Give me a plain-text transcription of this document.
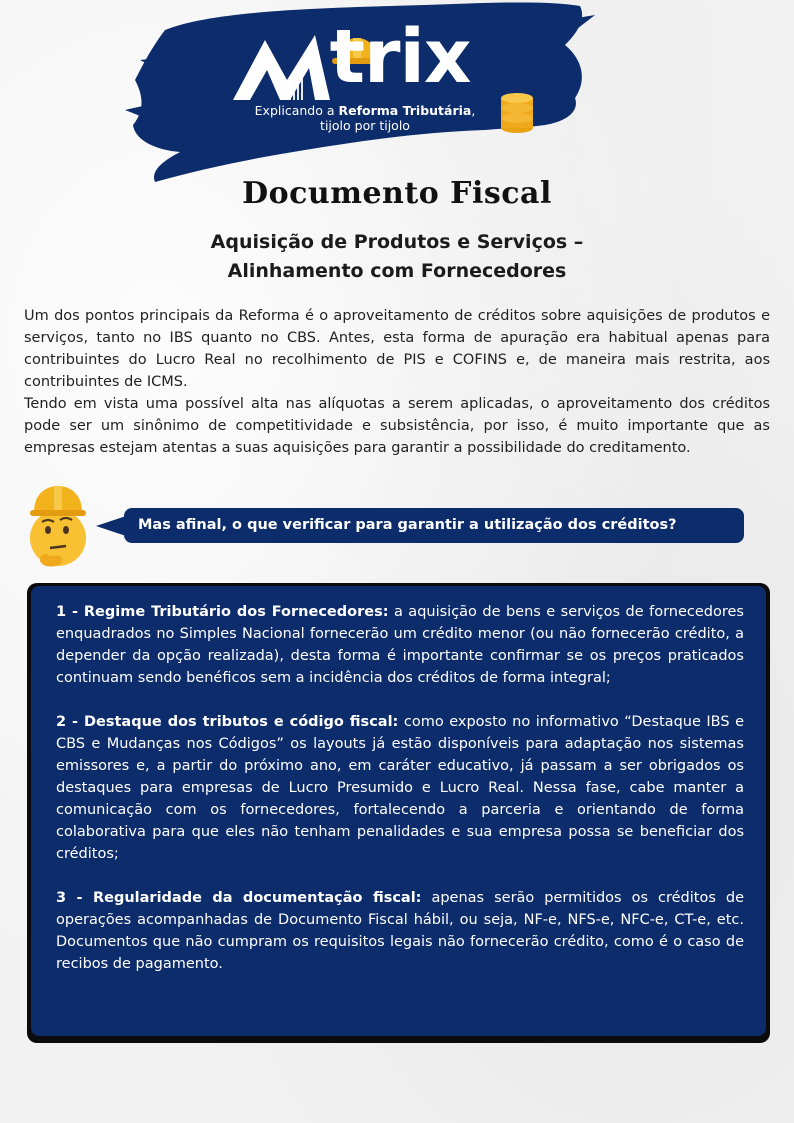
trix
Explicando a Reforma Tributária,
tijolo por tijolo
Documento Fiscal
Aquisição de Produtos e Serviços –
Alinhamento com Fornecedores

Um dos pontos principais da Reforma é o aproveitamento de créditos sobre aquisições de produtos e serviços, tanto no IBS quanto no CBS. Antes, esta forma de apuração era habitual apenas para contribuintes do Lucro Real no recolhimento de PIS e COFINS e, de maneira mais restrita, aos contribuintes de ICMS.

Tendo em vista uma possível alta nas alíquotas a serem aplicadas, o aproveitamento dos créditos pode ser um sinônimo de competitividade e subsistência, por isso, é muito importante que as empresas estejam atentas a suas aquisições para garantir a possibilidade do creditamento.

Mas afinal, o que verificar para garantir a utilização dos créditos?

1 - Regime Tributário dos Fornecedores: a aquisição de bens e serviços de fornecedores enquadrados no Simples Nacional fornecerão um crédito menor (ou não fornecerão crédito, a depender da opção realizada), desta forma é importante confirmar se os preços praticados continuam sendo benéficos sem a incidência dos créditos de forma integral;

2 - Destaque dos tributos e código fiscal: como exposto no informativo “Destaque IBS e CBS e Mudanças nos Códigos” os layouts já estão disponíveis para adaptação nos sistemas emissores e, a partir do próximo ano, em caráter educativo, já passam a ser obrigados os destaques para empresas de Lucro Presumido e Lucro Real. Nessa fase, cabe manter a comunicação com os fornecedores, fortalecendo a parceria e orientando de forma colaborativa para que eles não tenham penalidades e sua empresa possa se beneficiar dos créditos;

3 - Regularidade da documentação fiscal: apenas serão permitidos os créditos de operações acompanhadas de Documento Fiscal hábil, ou seja, NF-e, NFS-e, NFC-e, CT-e, etc. Documentos que não cumpram os requisitos legais não fornecerão crédito, como é o caso de recibos de pagamento.
